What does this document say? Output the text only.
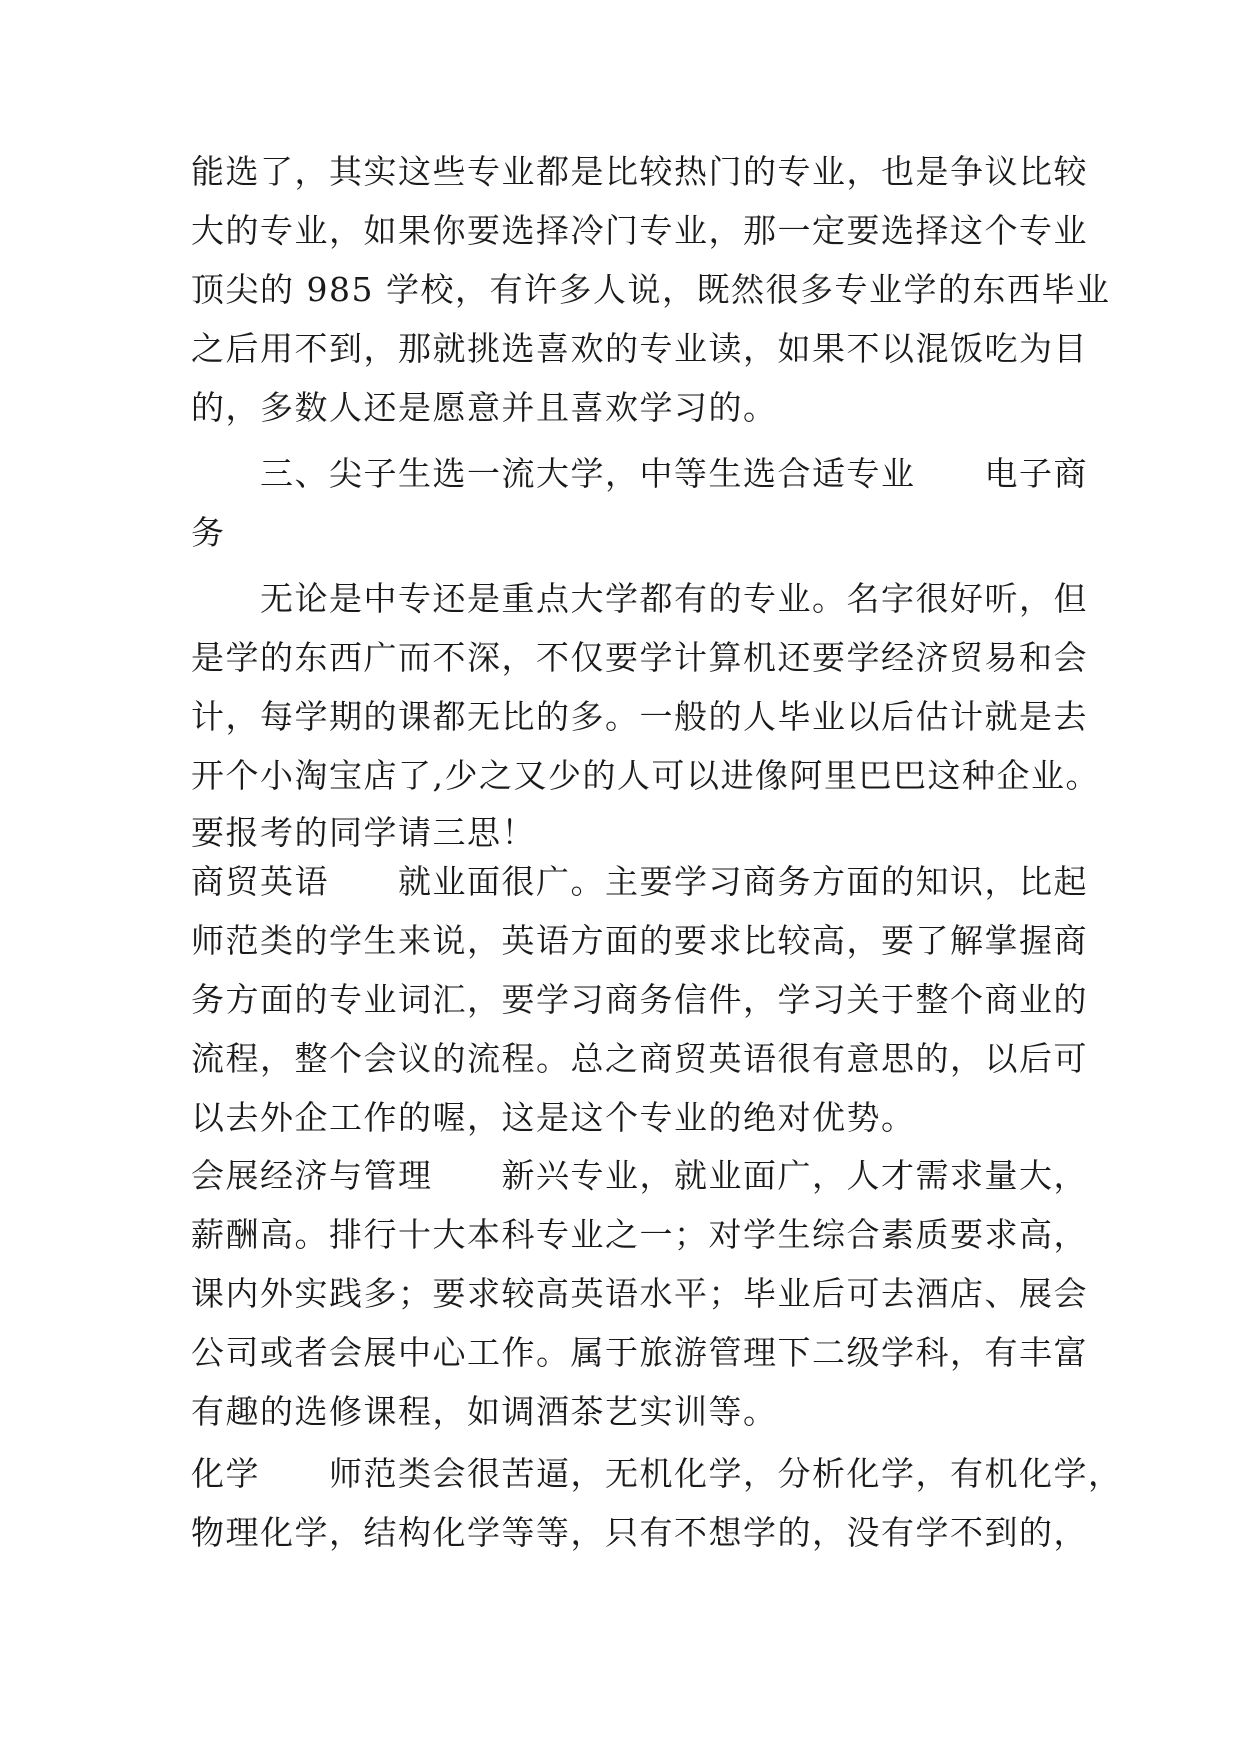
能选了，其实这些专业都是比较热门的专业，也是争议比较
大的专业，如果你要选择冷门专业，那一定要选择这个专业
顶尖的 985 学校，有许多人说，既然很多专业学的东西毕业
之后用不到，那就挑选喜欢的专业读，如果不以混饭吃为目
的，多数人还是愿意并且喜欢学习的。
　　三、尖子生选一流大学，中等生选合适专业　　电子商
务
　　无论是中专还是重点大学都有的专业。名字很好听，但
是学的东西广而不深，不仅要学计算机还要学经济贸易和会
计，每学期的课都无比的多。一般的人毕业以后估计就是去
开个小淘宝店了,少之又少的人可以进像阿里巴巴这种企业。
要报考的同学请三思！
商贸英语　　就业面很广。主要学习商务方面的知识，比起
师范类的学生来说，英语方面的要求比较高，要了解掌握商
务方面的专业词汇，要学习商务信件，学习关于整个商业的
流程，整个会议的流程。总之商贸英语很有意思的，以后可
以去外企工作的喔，这是这个专业的绝对优势。
会展经济与管理　　新兴专业，就业面广，人才需求量大，
薪酬高。排行十大本科专业之一；对学生综合素质要求高，
课内外实践多；要求较高英语水平；毕业后可去酒店、展会
公司或者会展中心工作。属于旅游管理下二级学科，有丰富
有趣的选修课程，如调酒茶艺实训等。
化学　　师范类会很苦逼，无机化学，分析化学，有机化学，
物理化学，结构化学等等，只有不想学的，没有学不到的，
